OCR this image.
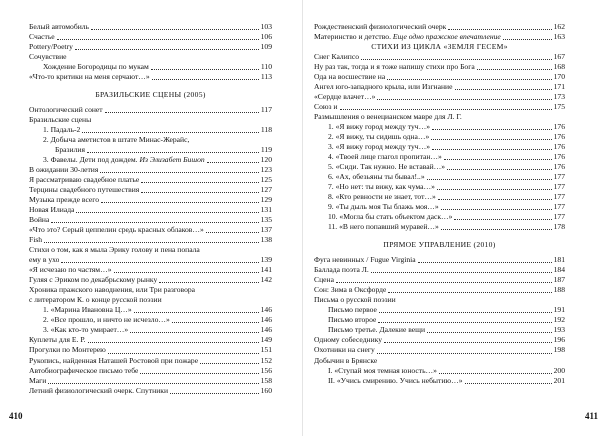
Белый автомобиль	103
Счастье	106
Pottery/Poetry	109
Сочувствие
Хождение Богородицы по мукам	110
«Что-то критики на меня серчают…»	113
БРАЗИЛЬСКИЕ СЦЕНЫ (2005)
Онтологический сонет	117
Бразильские сцены
1. Падаль-2	118
2. Добыча аметистов в штате Минас-Жерайс,
Бразилия	119
3. Фавелы. Дети под дождем. Из Элизабет Бишоп	120
В ожидании 30-летия	123
Я рассматриваю свадебное платье	125
Терцины свадебного путешествия	127
Музыка прежде всего	129
Новая Илиада	131
Война	135
«Что это? Серый цеппелин средь красных облаков…»	137
Fish	138
Стихи о том, как я мыла Эрику голову и пена попала
ему в ухо	139
«Я исчезаю по частям…»	141
Гуляя с Эриком по декабрьскому рынку	142
Хроника пражского наводнения, или Три разговора
с литератором К. о конце русской поэзии
1. «Марина Ивановна Ц…»	146
2. «Все прошло, и ничто не исчезло…»	146
3. «Как кто-то умирает…»	146
Куплеты для Е. Р.	149
Прогулки по Монтерею	151
Рукопись, найденная Наташей Ростовой при пожаре	152
Автобиографическое письмо тебе	156
Маги	158
Летний физиологический очерк. Спутники	160
Рождественский физиологический очерк	162
Материнство и детство. Еще одно пражское впечатление	163
СТИХИ ИЗ ЦИКЛА «ЗЕМЛЯ ГЕСЕМ»
Снег Калипсо	167
Ну раз так, тогда и я тоже напишу стихи про Бога	168
Ода на восшествие на	170
Ангел юго-западного крыла, или Изгнание	171
«Сердце влачет…»	173
Союз и	175
Размышления о венецианском мавре для Л. Г.
1. «Я вижу город между туч…»	176
2. «Я вижу, ты сидишь одна…»	176
3. «Я вижу город между туч…»	176
4. «Твоей лице глагол пропитан…»	176
5. «Сиди. Так нужно. Не вставай…»	176
6. «Ах, обезьяны ты бывал!..»	177
7. «Но нет: ты вижу, как чума…»	177
8. «Кто ревности не знает, тот…»	177
9. «Ты дыль моя Ты блажь моя…»	177
10. «Могла бы стать объектом даск…»	177
11. «В него попавший муравей…»	178
ПРЯМОЕ УПРАВЛЕНИЕ (2010)
Фуга невинных / Fugue Virginia	181
Баллада поэта Л.	184
Сцена	187
Сон: Зима в Оксфорде	188
Письма о русской поэзии
Письмо первое	191
Письмо второе	192
Письмо третье. Далекие вещи	193
Одному собеседнику	196
Охотники на снегу	198
Добычин в Брянске
I. «Ступай моя темная юность…»	200
II. «Учись смирению. Учись небытию…»	201
410	411
